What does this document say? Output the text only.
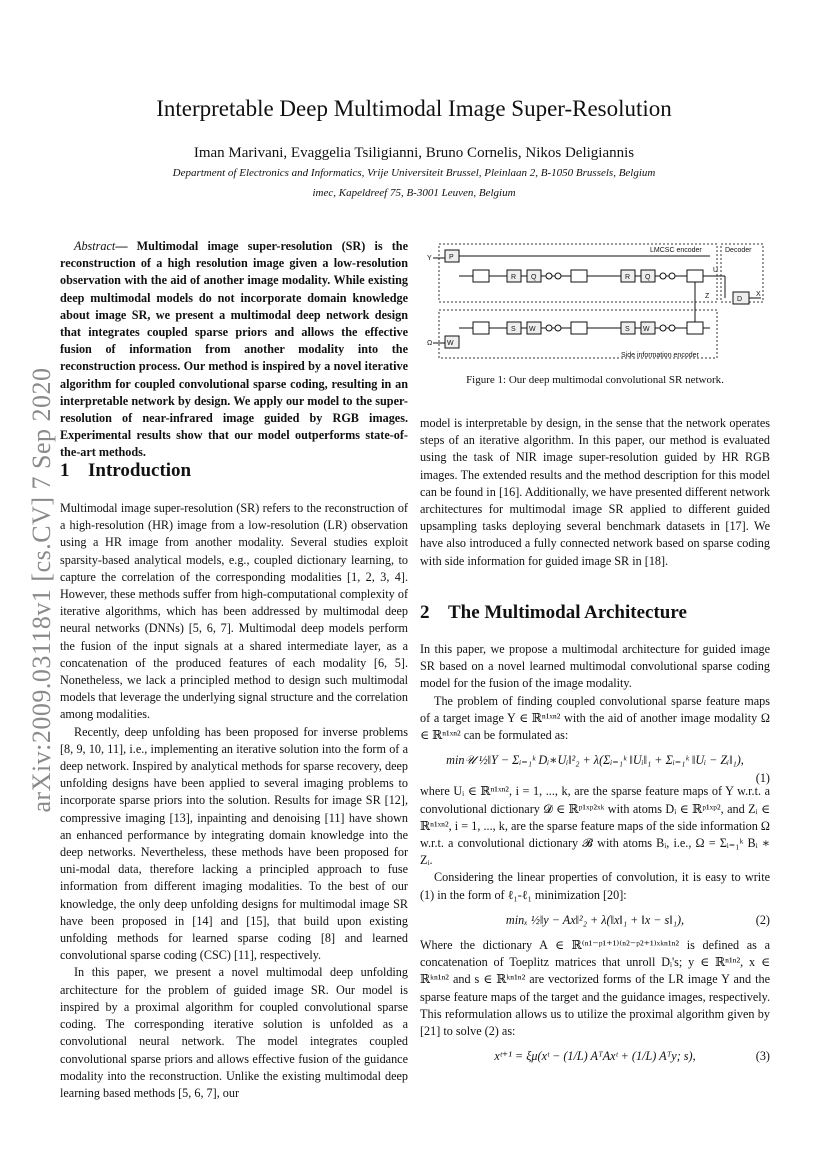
arXiv:2009.03118v1 [cs.CV] 7 Sep 2020
Interpretable Deep Multimodal Image Super-Resolution
Iman Marivani, Evaggelia Tsiligianni, Bruno Cornelis, Nikos Deligiannis
Department of Electronics and Informatics, Vrije Universiteit Brussel, Pleinlaan 2, B-1050 Brussels, Belgium
imec, Kapeldreef 75, B-3001 Leuven, Belgium

Abstract— Multimodal image super-resolution (SR) is the reconstruction of a high resolution image given a low-resolution observation with the aid of another image modality. While existing deep multimodal models do not incorporate domain knowledge about image SR, we present a multimodal deep network design that integrates coupled sparse priors and allows the effective fusion of information from another modality into the reconstruction process. Our method is inspired by a novel iterative algorithm for coupled convolutional sparse coding, resulting in an interpretable network by design. We apply our model to the super-resolution of near-infrared image guided by RGB images. Experimental results show that our model outperforms state-of-the-art methods.

1 Introduction

Multimodal image super-resolution (SR) refers to the reconstruction of a high-resolution (HR) image from a low-resolution (LR) observation using a HR image from another modality. Several studies exploit sparsity-based analytical models, e.g., coupled dictionary learning, to capture the correlation of the corresponding modalities [1, 2, 3, 4]. However, these methods suffer from high-computational complexity of iterative algorithms, which has been addressed by multimodal deep neural networks (DNNs) [5, 6, 7]. Multimodal deep models perform the fusion of the input signals at a shared intermediate layer, as a concatenation of the produced features of each modality [6, 5]. Nonetheless, we lack a principled method to design such multimodal models that leverage the underlying signal structure and the correlation among modalities.

Recently, deep unfolding has been proposed for inverse problems [8, 9, 10, 11], i.e., implementing an iterative solution into the form of a deep network. Inspired by analytical methods for sparse recovery, deep unfolding designs have been applied to several imaging problems to incorporate sparse priors into the solution. Results for image SR [12], compressive imaging [13], inpainting and denoising [11] have shown an enhanced performance by integrating domain knowledge into the deep networks. Nevertheless, these methods have been proposed for uni-modal data, therefore lacking a principled approach to fuse information from different imaging modalities. To the best of our knowledge, the only deep unfolding designs for multimodal image SR have been proposed in [14] and [15], that build upon existing unfolding methods for learned sparse coding [8] and learned convolutional sparse coding (CSC) [11], respectively.

In this paper, we present a novel multimodal deep unfolding architecture for the problem of guided image SR. Our model is inspired by a proximal algorithm for coupled convolutional sparse coding. The corresponding iterative solution is unfolded as a convolutional neural network. The model integrates coupled convolutional sparse priors and allows effective fusion of the guidance modality into the reconstruction. Unlike the existing multimodal deep learning based methods [5, 6, 7], our

LMCSC encoder	Decoder
Side information encoder
Y
Ω
P
W
R Q	R Q
S W	S W
U
Z	D
X
Figure 1: Our deep multimodal convolutional SR network.

model is interpretable by design, in the sense that the network operates steps of an iterative algorithm. In this paper, our method is evaluated using the task of NIR image super-resolution guided by HR RGB images. The extended results and the method description for this model can be found in [16]. Additionally, we have presented different network architectures for multimodal image SR applied to different guided upsampling tasks deploying several benchmark datasets in [17]. We have also introduced a fully connected network based on sparse coding with side information for guided image SR in [18].

2 The Multimodal Architecture

In this paper, we propose a multimodal architecture for guided image SR based on a novel learned multimodal convolutional sparse coding model for the fusion of the image modality.

The problem of finding coupled convolutional sparse feature maps of a target image Y ∈ ℝⁿ¹ˣⁿ² with the aid of another image modality Ω ∈ ℝⁿ¹ˣⁿ² can be formulated as:

min𝒰 ½‖Y − Σᵢ₌₁ᵏ Dᵢ∗Uᵢ‖²₂ + λ(Σᵢ₌₁ᵏ ‖Uᵢ‖₁ + Σᵢ₌₁ᵏ ‖Uᵢ − Zᵢ‖₁),
(1)

where Uᵢ ∈ ℝⁿ¹ˣⁿ², i = 1, ..., k, are the sparse feature maps of Y w.r.t. a convolutional dictionary 𝓓 ∈ ℝᵖ¹ˣᵖ²ˣᵏ with atoms Dᵢ ∈ ℝᵖ¹ˣᵖ², and Zᵢ ∈ ℝⁿ¹ˣⁿ², i = 1, ..., k, are the sparse feature maps of the side information Ω w.r.t. a convolutional dictionary 𝓑 with atoms Bᵢ, i.e., Ω = Σᵢ₌₁ᵏ Bᵢ ∗ Zᵢ.

Considering the linear properties of convolution, it is easy to write (1) in the form of ℓ₁-ℓ₁ minimization [20]:

minₓ ½‖y − Ax‖²₂ + λ(‖x‖₁ + ‖x − s‖₁),	(2)

Where the dictionary A ∈ ℝ⁽ⁿ¹⁻ᵖ¹⁺¹⁾⁽ⁿ²⁻ᵖ²⁺¹⁾ˣᵏⁿ¹ⁿ² is defined as a concatenation of Toeplitz matrices that unroll Dᵢ's; y ∈ ℝⁿ¹ⁿ², x ∈ ℝᵏⁿ¹ⁿ² and s ∈ ℝᵏⁿ¹ⁿ² are vectorized forms of the LR image Y and the sparse feature maps of the target and the guidance images, respectively. This reformulation allows us to utilize the proximal algorithm given by [21] to solve (2) as:

xᵗ⁺¹ = ξμ(xᵗ − (1/L) AᵀAxᵗ + (1/L) Aᵀy; s),	(3)
